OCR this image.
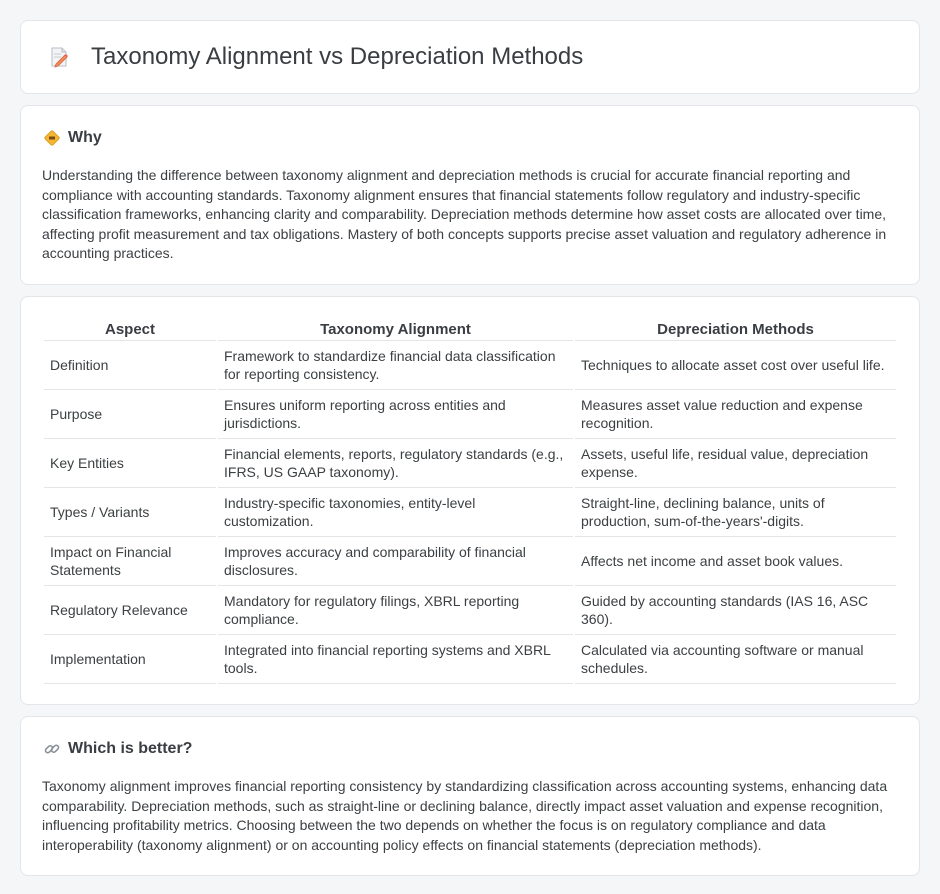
Taxonomy Alignment vs Depreciation Methods
Why

Understanding the difference between taxonomy alignment and depreciation methods is crucial for accurate financial reporting and compliance with accounting standards. Taxonomy alignment ensures that financial statements follow regulatory and industry-specific classification frameworks, enhancing clarity and comparability. Depreciation methods determine how asset costs are allocated over time, affecting profit measurement and tax obligations. Mastery of both concepts supports precise asset valuation and regulatory adherence in accounting practices.

Aspect	Taxonomy Alignment	Depreciation Methods
Definition	Framework to standardize financial data classification for reporting consistency.	Techniques to allocate asset cost over useful life.
Purpose	Ensures uniform reporting across entities and jurisdictions.	Measures asset value reduction and expense recognition.
Key Entities	Financial elements, reports, regulatory standards (e.g., IFRS, US GAAP taxonomy).	Assets, useful life, residual value, depreciation expense.
Types / Variants	Industry-specific taxonomies, entity-level customization.	Straight-line, declining balance, units of production, sum-of-the-years'-digits.
Impact on Financial Statements	Improves accuracy and comparability of financial disclosures.	Affects net income and asset book values.
Regulatory Relevance	Mandatory for regulatory filings, XBRL reporting compliance.	Guided by accounting standards (IAS 16, ASC 360).
Implementation	Integrated into financial reporting systems and XBRL tools.	Calculated via accounting software or manual schedules.
Which is better?

Taxonomy alignment improves financial reporting consistency by standardizing classification across accounting systems, enhancing data comparability. Depreciation methods, such as straight-line or declining balance, directly impact asset valuation and expense recognition, influencing profitability metrics. Choosing between the two depends on whether the focus is on regulatory compliance and data interoperability (taxonomy alignment) or on accounting policy effects on financial statements (depreciation methods).
